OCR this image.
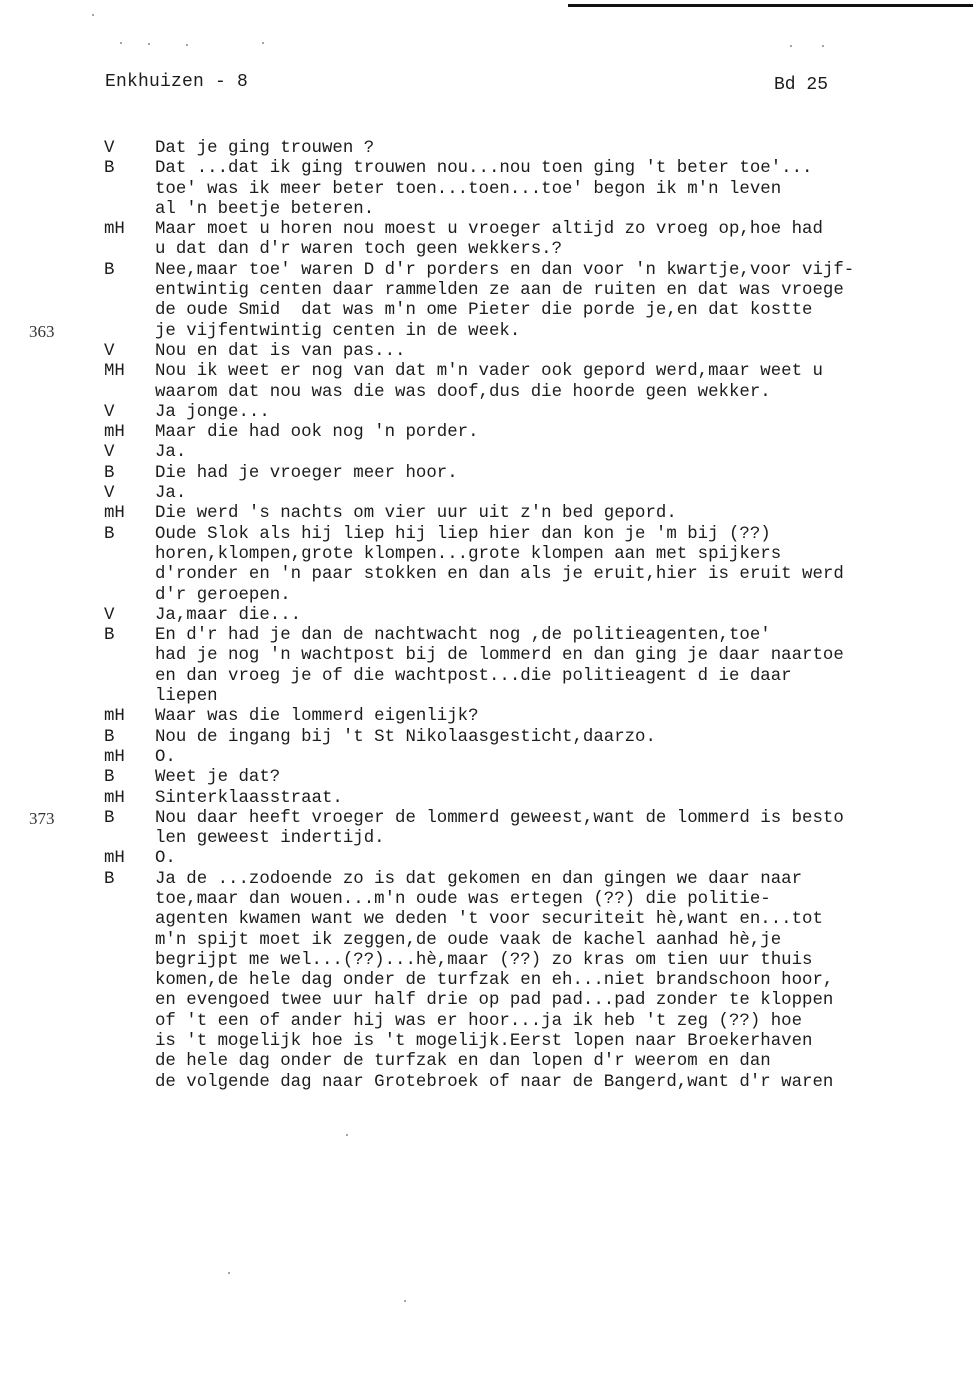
Enkhuizen - 8	Bd 25
V Dat je ging trouwen ?
B Dat ...dat ik ging trouwen nou...nou toen ging 't beter toe'...
toe' was ik meer beter toen...toen...toe' begon ik m'n leven
al 'n beetje beteren.
mH Maar moet u horen nou moest u vroeger altijd zo vroeg op,hoe had
u dat dan d'r waren toch geen wekkers.?
B Nee,maar toe' waren D d'r porders en dan voor 'n kwartje,voor vijf-
entwintig centen daar rammelden ze aan de ruiten en dat was vroege
de oude Smid  dat was m'n ome Pieter die porde je,en dat kostte
je vijfentwintig centen in de week.
363
V Nou en dat is van pas...
MH Nou ik weet er nog van dat m'n vader ook gepord werd,maar weet u
waarom dat nou was die was doof,dus die hoorde geen wekker.
V Ja jonge...
mH Maar die had ook nog 'n porder.
V Ja.
B Die had je vroeger meer hoor.
V Ja.
mH Die werd 's nachts om vier uur uit z'n bed gepord.
B Oude Slok als hij liep hij liep hier dan kon je 'm bij (??)
horen,klompen,grote klompen...grote klompen aan met spijkers
d'ronder en 'n paar stokken en dan als je eruit,hier is eruit werd
d'r geroepen.
V Ja,maar die...
B En d'r had je dan de nachtwacht nog ,de politieagenten,toe'
had je nog 'n wachtpost bij de lommerd en dan ging je daar naartoe
en dan vroeg je of die wachtpost...die politieagent d ie daar
liepen
mH Waar was die lommerd eigenlijk?
B Nou de ingang bij 't St Nikolaasgesticht,daarzo.
mH O.
B Weet je dat?
mH Sinterklaasstraat.
B Nou daar heeft vroeger de lommerd geweest,want de lommerd is besto
373
len geweest indertijd.
mH O.
B Ja de ...zodoende zo is dat gekomen en dan gingen we daar naar
toe,maar dan wouen...m'n oude was ertegen (??) die politie-
agenten kwamen want we deden 't voor securiteit hè,want en...tot
m'n spijt moet ik zeggen,de oude vaak de kachel aanhad hè,je
begrijpt me wel...(??)...hè,maar (??) zo kras om tien uur thuis
komen,de hele dag onder de turfzak en eh...niet brandschoon hoor,
en evengoed twee uur half drie op pad pad...pad zonder te kloppen
of 't een of ander hij was er hoor...ja ik heb 't zeg (??) hoe
is 't mogelijk hoe is 't mogelijk.Eerst lopen naar Broekerhaven
de hele dag onder de turfzak en dan lopen d'r weerom en dan
de volgende dag naar Grotebroek of naar de Bangerd,want d'r waren
